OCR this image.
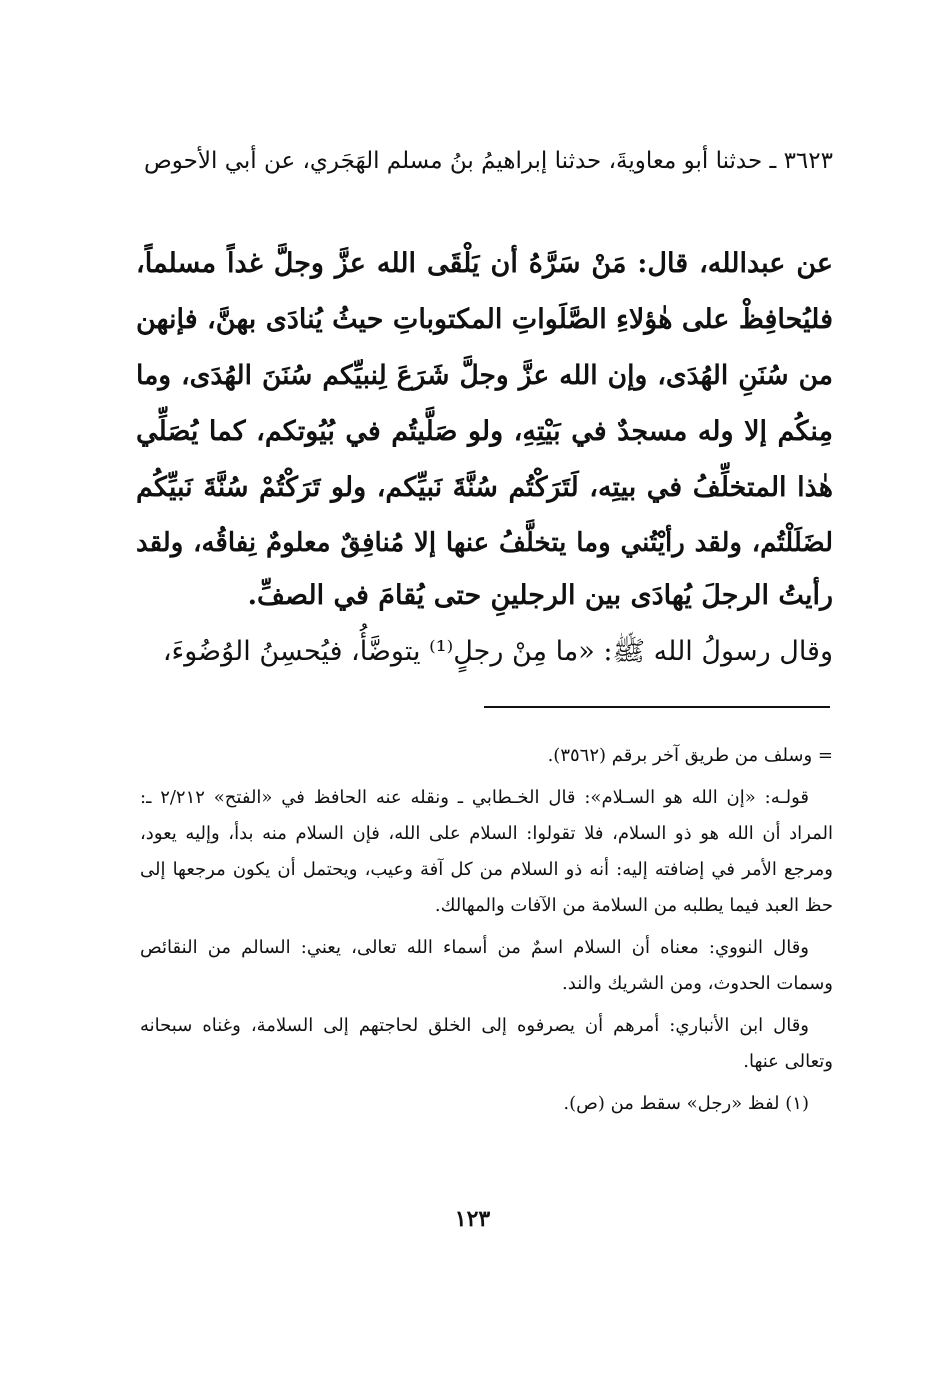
٣٦٢٣ ـ حدثنا أبو معاويةَ، حدثنا إبراهيمُ بنُ مسلم الهَجَري، عن أبي الأحوص
عن عبدالله، قال: مَنْ سَرَّهُ أن يَلْقَى الله عزَّ وجلَّ غداً مسلماً،
فليُحافِظْ على هٰؤلاءِ الصَّلَواتِ المكتوباتِ حيثُ يُنادَى بهنَّ، فإنهن
من سُنَنِ الهُدَى، وإن الله عزَّ وجلَّ شَرَعَ لِنبيِّكم سُنَنَ الهُدَى، وما
مِنكُم إلا وله مسجدٌ في بَيْتِهِ، ولو صَلَّيتُم في بُيُوتكم، كما يُصَلِّي
هٰذا المتخلِّفُ في بيتِه، لَتَرَكْتُم سُنَّةَ نَبيِّكم، ولو تَرَكْتُمْ سُنَّةَ نَبيِّكُم
لضَلَلْتُم، ولقد رأيْتُني وما يتخلَّفُ عنها إلا مُنافِقٌ معلومٌ نِفاقُه، ولقد
رأيتُ الرجلَ يُهادَى بين الرجلينِ حتى يُقامَ في الصفِّ.
وقال رسولُ الله ﷺ: «ما مِنْ رجلٍ⁽¹⁾ يتوضَّأُ، فيُحسِنُ الوُضُوءَ،

= وسلف من طريق آخر برقم (٣٥٦٢).

قولـه: «إن الله هو السـلام»: قال الخـطابي ـ ونقله عنه الحافظ في «الفتح» ٢/٢١٢ ـ: المراد أن الله هو ذو السلام، فلا تقولوا: السلام على الله، فإن السلام منه بدأ، وإليه يعود، ومرجع الأمر في إضافته إليه: أنه ذو السلام من كل آفة وعيب، ويحتمل أن يكون مرجعها إلى حظ العبد فيما يطلبه من السلامة من الآفات والمهالك.

وقال النووي: معناه أن السلام اسمٌ من أسماء الله تعالى، يعني: السالم من النقائص وسمات الحدوث، ومن الشريك والند.

وقال ابن الأنباري: أمرهم أن يصرفوه إلى الخلق لحاجتهم إلى السلامة، وغناه سبحانه وتعالى عنها.

(١) لفظ «رجل» سقط من (ص).

١٢٣
